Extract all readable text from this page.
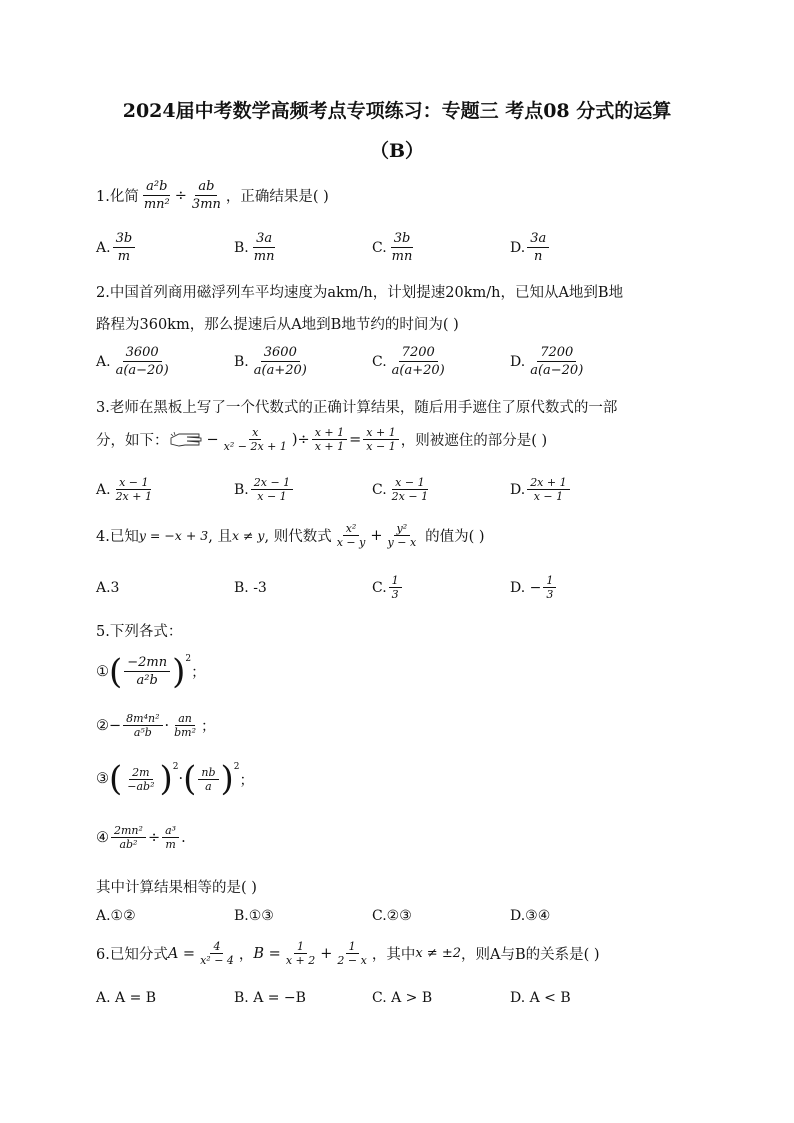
2024届中考数学高频考点专项练习：专题三 考点08 分式的运算
（B）
1.化简 $\frac{\text{a²b}}{\text{mn²}} \div \frac{ab}{3mn}$ ，正确结果是( )
A. $\frac{3b}{m}$	B. $\frac{3a}{mn}$	C. $\frac{3b}{mn}$	D. $\frac{3a}{n}$
2.中国首列商用磁浮列车平均速度为akm/h，计划提速20km/h，已知从A地到B地
路程为360km，那么提速后从A地到B地节约的时间为( )
A. $\frac{3600}{a(a-20)}$	B. $\frac{3600}{a(a+20)}$	C. $\frac{7200}{a(a+20)}$	D. $\frac{7200}{a(a-20)}$
3.老师在黑板上写了一个代数式的正确计算结果，随后用手遮住了原代数式的一部
分，如下：	− $\frac{x}{\text{x² − 2x + 1}}$ )÷ $\frac{x + 1}{x + 1} = \frac{x + 1}{x - 1}$ ，则被遮住的部分是( )
A. $\frac{x - 1}{2x + 1}$	B. $\frac{2x - 1}{x - 1}$	C. $\frac{x - 1}{2x - 1}$	D. $\frac{2x + 1}{x - 1}$
4.已知 y = −x + 3 , 且 x ≠ y , 则代数式 $\frac{\text{x²}}{x - y} + \frac{\text{y²}}{y - x}$ 的值为( )
A.3	B. -3	C. $\frac{1}{3}$	D. − $\frac{1}{3}$
5.下列各式：
① ( $\frac{-2mn}{\text{a²b}} )^2$
；
② − $\frac{\text{8m⁴n²}}{\text{a⁵b}} \cdot \frac{an}{\text{bm²}}$ ；
③ ( $\frac{2m}{\text{−ab²}} )^2$
· ( $\frac{nb}{a} )^2$
；
④ $\frac{\text{2mn²}}{\text{ab²}} \div \frac{\text{a³}}{m}$ .
其中计算结果相等的是( )
A.①②	B.①③	C.②③	D.③④
6.已知分式 $A = \frac{4}{\text{x² − 4}}$ ， $B = \frac{1}{x + 2} + \frac{1}{2 - x}$ ，其中 x ≠ ±2 ，则A与B的关系是( )
A. A = B	B. A = −B	C. A > B	D. A < B
